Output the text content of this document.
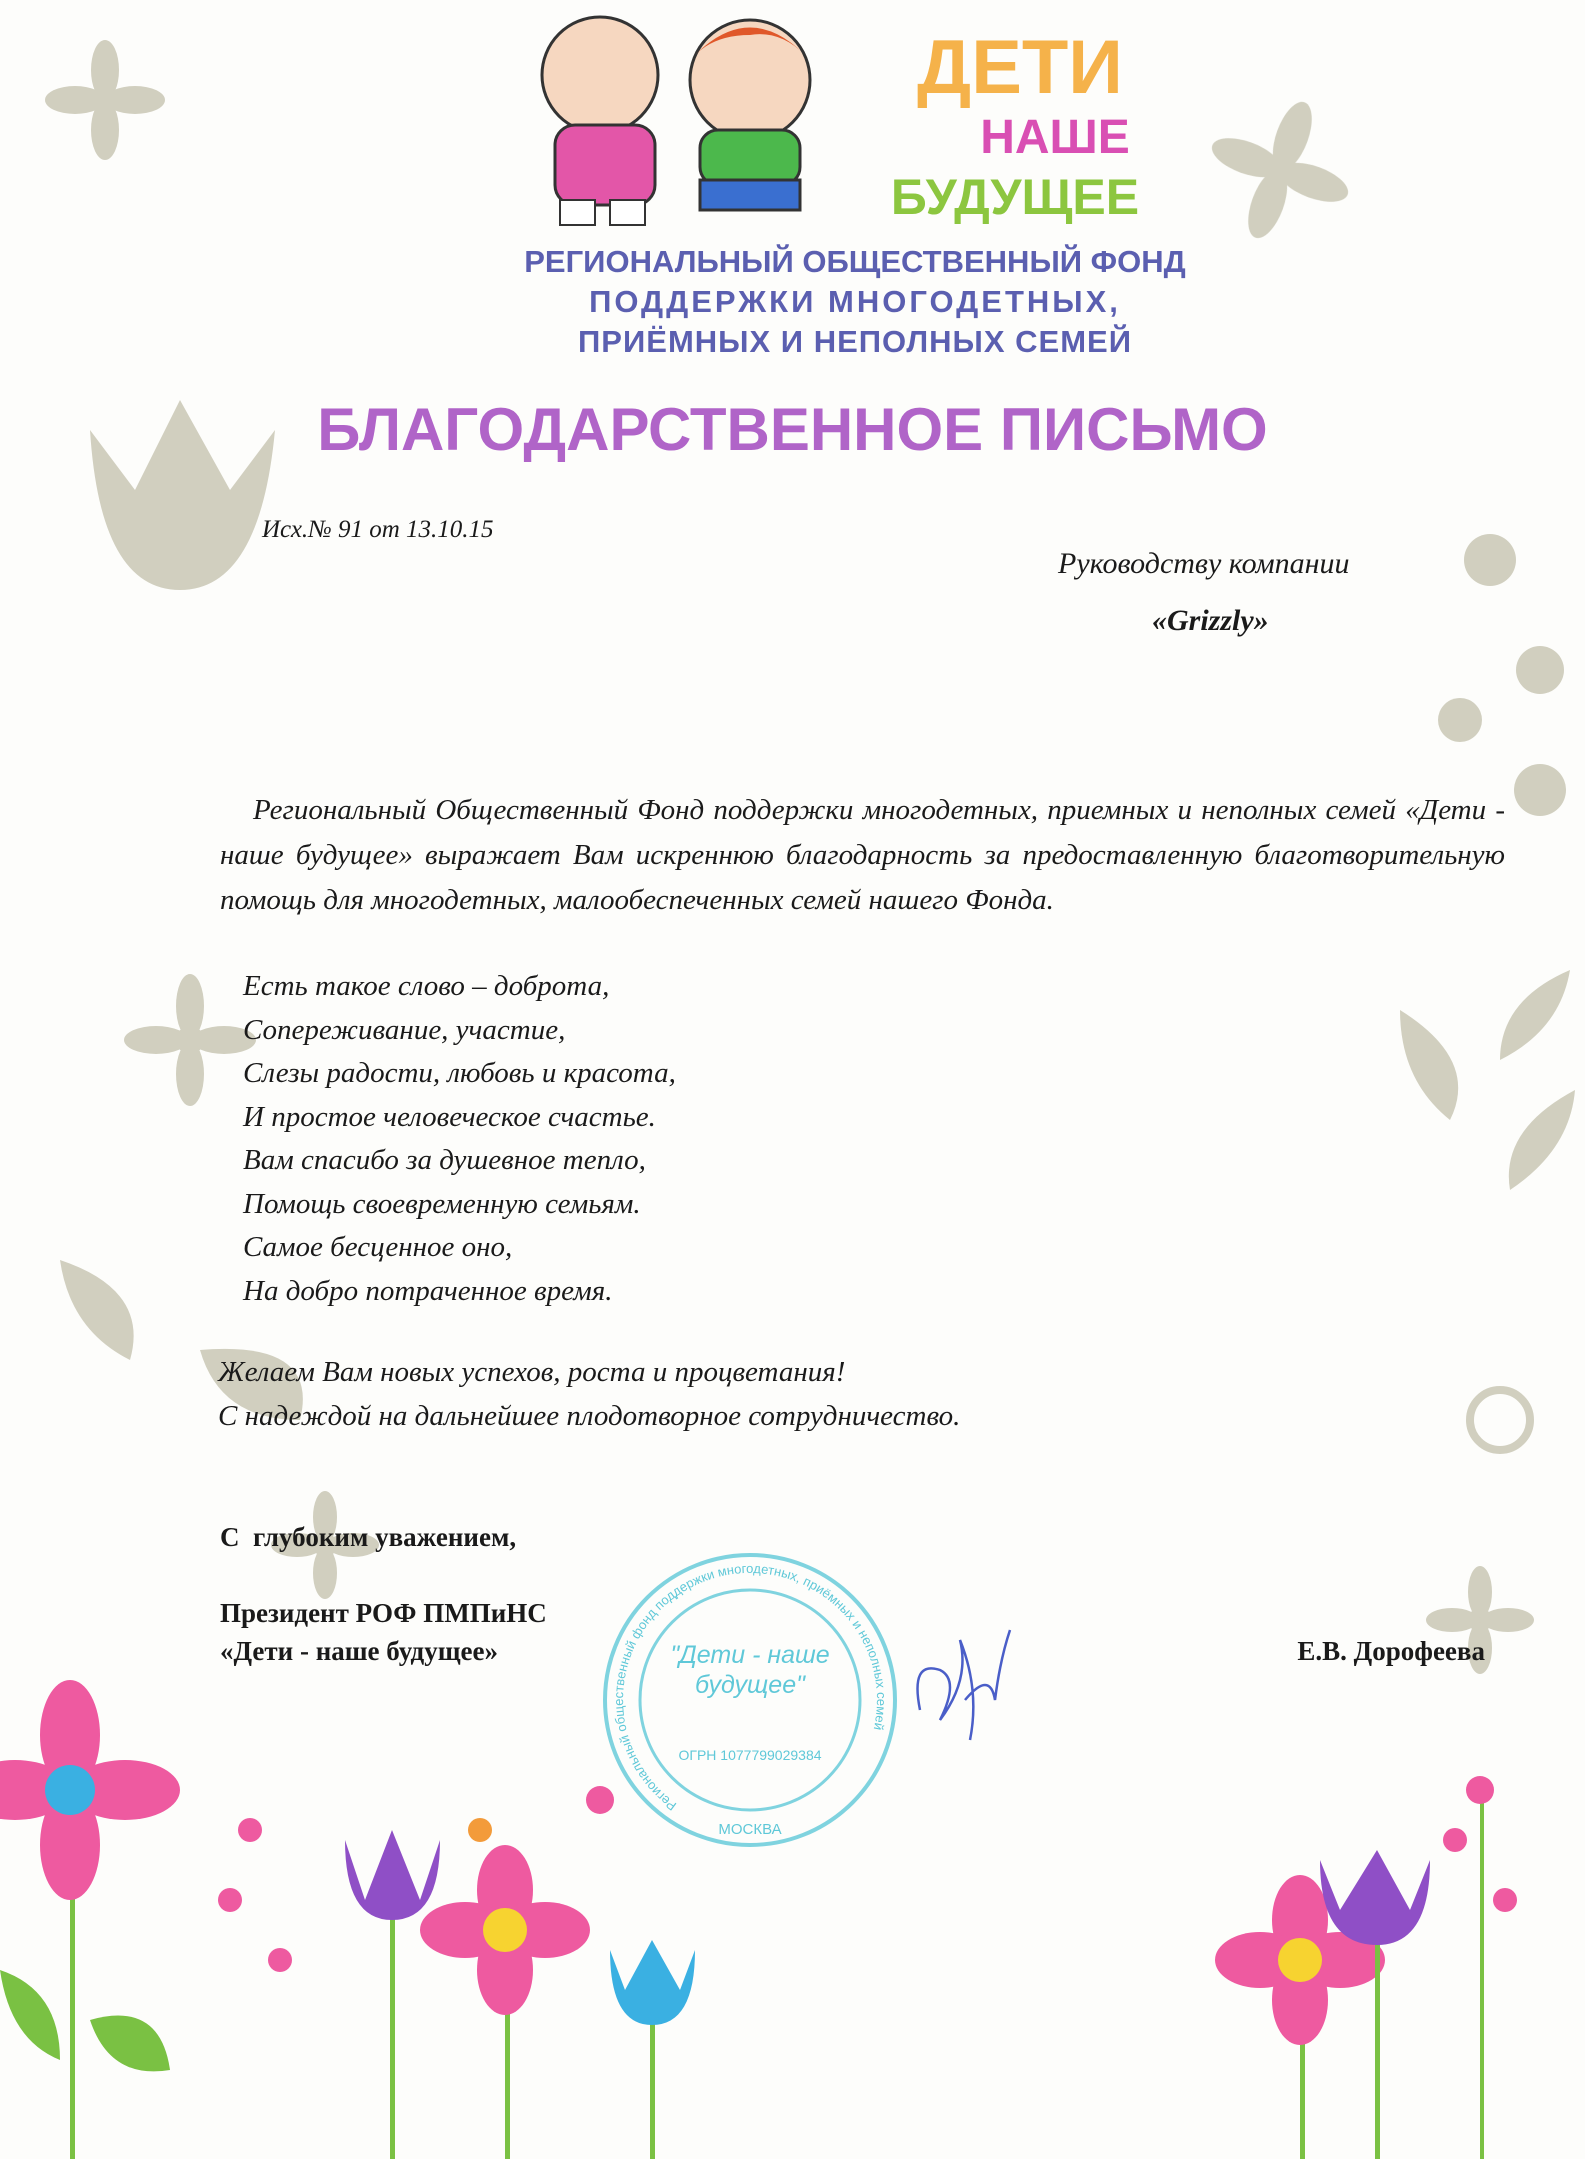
ДЕТИ
НАШЕ
БУДУЩЕЕ
РЕГИОНАЛЬНЫЙ ОБЩЕСТВЕННЫЙ ФОНД
ПОДДЕРЖКИ МНОГОДЕТНЫХ,
ПРИЁМНЫХ И НЕПОЛНЫХ СЕМЕЙ
БЛАГОДАРСТВЕННОЕ ПИСЬМО
Исх.№ 91 от 13.10.15
Руководству компании
«Grizzly»

Региональный Общественный Фонд поддержки многодетных, приемных и неполных семей «Дети - наше будущее» выражает Вам искреннюю благодарность за предоставленную благотворительную помощь для многодетных, малообеспеченных семей нашего Фонда.

Есть такое слово – доброта,
Сопереживание, участие,
Слезы радости, любовь и красота,
И простое человеческое счастье.
Вам спасибо за душевное тепло,
Помощь своевременную семьям.
Самое бесценное оно,
На добро потраченное время.
Желаем Вам новых успехов, роста и процветания!
С надеждой на дальнейшее плодотворное сотрудничество.
С  глубоким уважением,
Президент РОФ ПМПиНС
«Дети - наше будущее»	Е.В. Дорофеева
Региональный общественный фонд поддержки многодетных, приёмных и неполных семей
ОГРН 1077799029384
МОСКВА
"Дети - наше будущее"
